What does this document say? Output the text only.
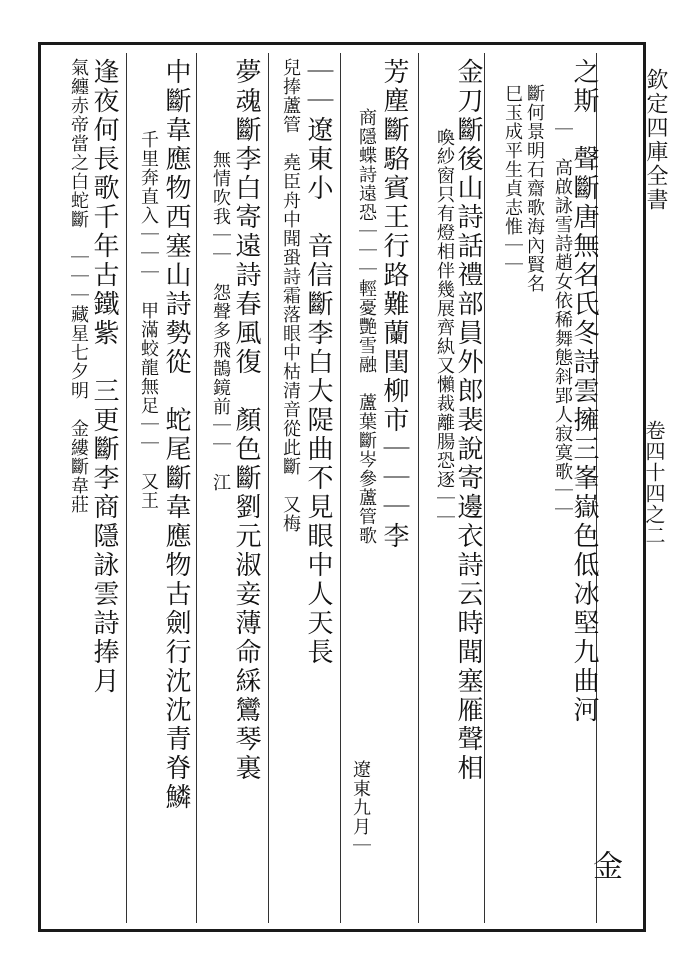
欽定四庫全書
卷四十四之二
之斯　聲斷唐無名氏冬詩雲擁三峯嶽色低冰堅九曲河
｜　高啟詠雪詩趙女依稀舞態斜郢人寂寞歌｜｜
斷何景明石齋歌海內賢名
巳玉成平生貞志惟｜｜
金刀斷後山詩話禮部員外郎裴說寄邊衣詩云時聞塞雁聲相
喚紗窗只有燈相伴幾展齊紈又懶裁離腸恐逐｜｜
芳塵斷駱賓王行路難蘭閨柳市｜｜｜李
商隱蝶詩遠恐｜｜｜輕憂艷雪融　蘆葉斷岑參蘆管歌
遼東九月｜
｜｜遼東小　音信斷李白大隄曲不見眼中人天長
兒捧蘆管　堯臣舟中聞蛩詩霜落眼中枯清音從此斷　又梅
夢魂斷李白寄遠詩春風復　顏色斷劉元淑妾薄命綵鸞琴裏
無情吹我｜｜　怨聲多飛鵲鏡前｜｜　江
中斷韋應物西塞山詩勢從　蛇尾斷韋應物古劍行沈沈青脊鱗
千里奔直入｜｜｜　甲滿蛟龍無足｜｜　又王
逢夜何長歌千年古鐵紫　三更斷李商隱詠雲詩捧月
氣纏赤帝當之白蛇斷　｜｜｜藏星七夕明　金縷斷韋莊
金
